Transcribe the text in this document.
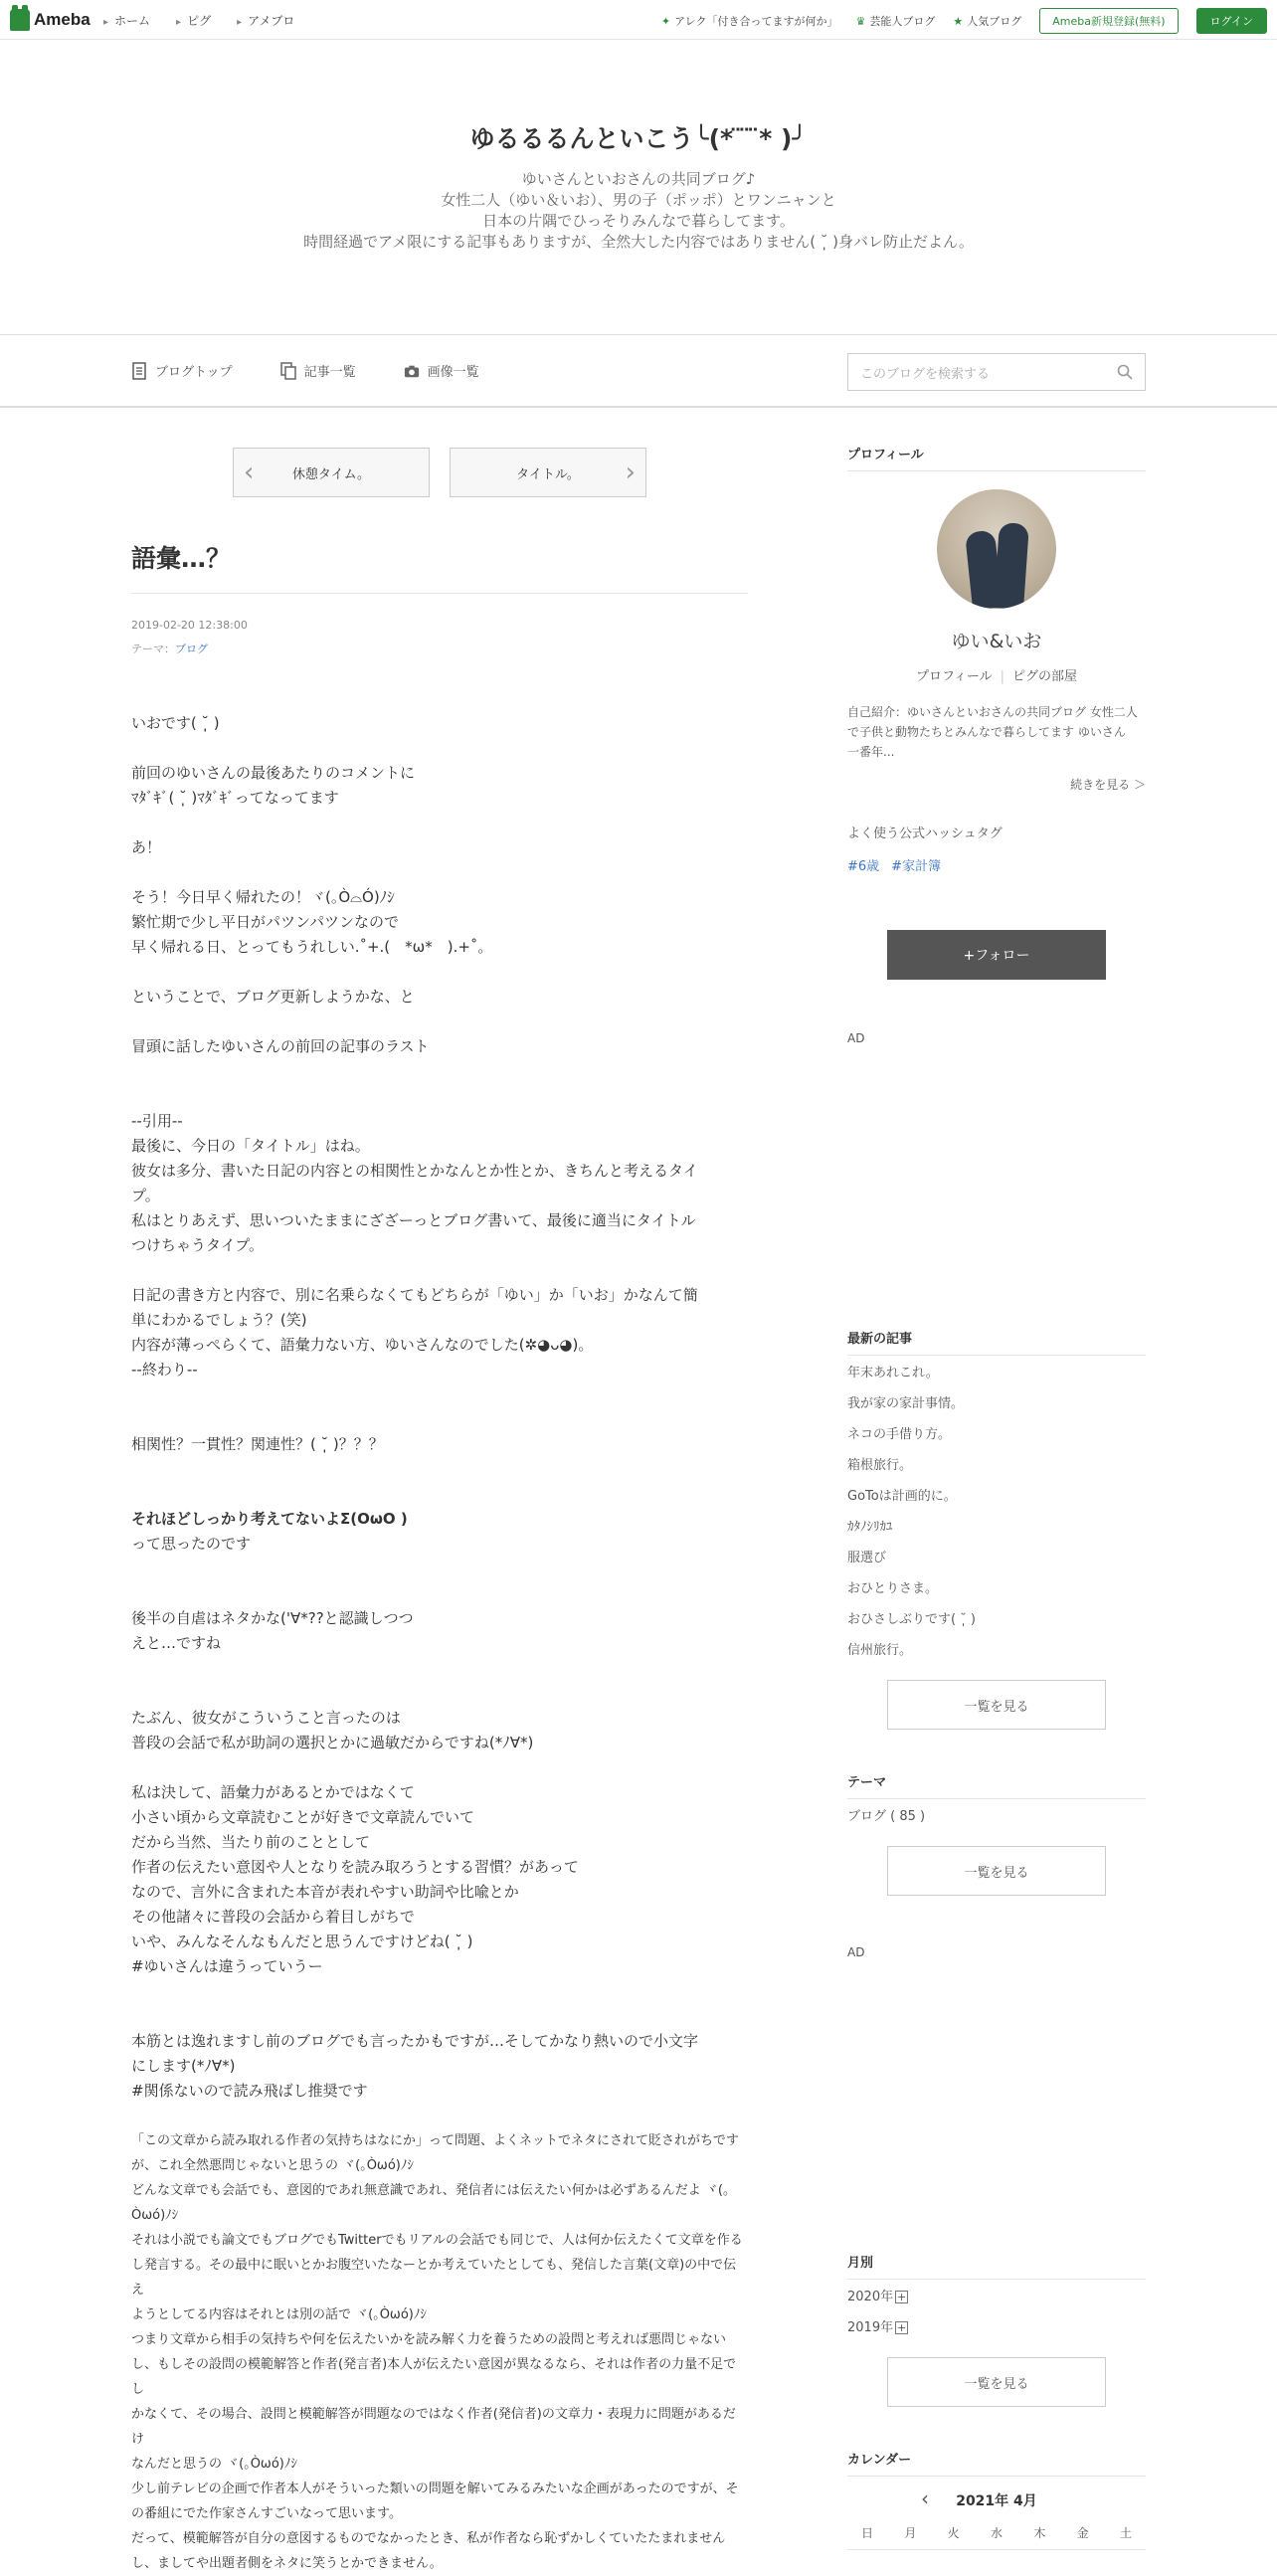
Ameba ▸ ホーム	▸ ピグ	▸ アメブロ	✦ アレク「付き合ってますが何か」 ♛ 芸能人ブログ ★ 人気ブログ	Ameba新規登録(無料)	ログイン
ゆるるるんといこう╰(* ̈ ̈ ̈* )╯
ゆいさんといおさんの共同ブログ♪
女性二人（ゆい＆いお）、男の子（ポッポ）とワンニャンと
日本の片隅でひっそりみんなで暮らしてます。
時間経過でアメ限にする記事もありますが、全然大した内容ではありません( ˘̩̩̩ )身バレ防止だよん。
ブログトップ	記事一覧	画像一覧	このブログを検索する
‹	休憩タイム。	タイトル。 ›
語彙…？
2019-02-20 12:38:00
テーマ：ブログ

いおです( ˘̩̩̩ )

前回のゆいさんの最後あたりのコメントに

ﾏﾀﾞｷﾞ( ˘̩̩̩ )ﾏﾀﾞｷﾞってなってます

あ！

そう！今日早く帰れたの！ヾ(｡Ò⌓Ó)ﾉｼ

繁忙期で少し平日がパツンパツンなので

早く帰れる日、とってもうれしい.˚+.(　*ω*　).+˚。

ということで、ブログ更新しようかな、と

冒頭に話したゆいさんの前回の記事のラスト

--引用--

最後に、今日の「タイトル」はね。

彼女は多分、書いた日記の内容との相関性とかなんとか性とか、きちんと考えるタイ

プ。

私はとりあえず、思いついたままにざざーっとブログ書いて、最後に適当にタイトル

つけちゃうタイプ。

日記の書き方と内容で、別に名乗らなくてもどちらが「ゆい」か「いお」かなんて簡

単にわかるでしょう？(笑)

内容が薄っぺらくて、語彙力ない方、ゆいさんなのでした(✲◕ᴗ◕)。

--終わり--

相関性？一貫性？関連性？( ˘̩̩̩ )？？？

それほどしっかり考えてないよΣ(OωO )

って思ったのです

後半の自虐はネタかな('∀*??と認識しつつ

えと…ですね

たぶん、彼女がこういうこと言ったのは

普段の会話で私が助詞の選択とかに過敏だからですね(*ﾉ∀*)

私は決して、語彙力があるとかではなくて

小さい頃から文章読むことが好きで文章読んでいて

だから当然、当たり前のこととして

作者の伝えたい意図や人となりを読み取ろうとする習慣？があって

なので、言外に含まれた本音が表れやすい助詞や比喩とか

その他諸々に普段の会話から着目しがちで

いや、みんなそんなもんだと思うんですけどね( ˘̩̩̩ )

#ゆいさんは違うっていうー

本筋とは逸れますし前のブログでも言ったかもですが…そしてかなり熱いので小文字

にします(*ﾉ∀*)

#関係ないので読み飛ばし推奨です

「この文章から読み取れる作者の気持ちはなにか」って問題、よくネットでネタにされて貶されがちです

が、これ全然悪問じゃないと思うの ヾ(｡Òωó)ﾉｼ

どんな文章でも会話でも、意図的であれ無意識であれ、発信者には伝えたい何かは必ずあるんだよ ヾ(｡

Òωó)ﾉｼ

それは小説でも論文でもブログでもTwitterでもリアルの会話でも同じで、人は何か伝えたくて文章を作る

し発言する。その最中に眠いとかお腹空いたなーとか考えていたとしても、発信した言葉(文章)の中で伝え

ようとしてる内容はそれとは別の話で ヾ(｡Òωó)ﾉｼ

つまり文章から相手の気持ちや何を伝えたいかを読み解く力を養うための設問と考えれば悪問じゃない

し、もしその設問の模範解答と作者(発言者)本人が伝えたい意図が異なるなら、それは作者の力量不足でし

かなくて、その場合、設問と模範解答が問題なのではなく作者(発信者)の文章力・表現力に問題があるだけ

なんだと思うの ヾ(｡Òωó)ﾉｼ

少し前テレビの企画で作者本人がそういった類いの問題を解いてみるみたいな企画があったのですが、そ

の番組にでた作家さんすごいなって思います。

だって、模範解答が自分の意図するものでなかったとき、私が作者なら恥ずかしくていたたまれません

し、ましてや出題者側をネタに笑うとかできません。

プロフィール
ゆい&いお
プロフィール | ピグの部屋
自己紹介：ゆいさんといおさんの共同ブログ 女性二人で子供と動物たちとみんなで暮らしてます ゆいさん　一番年...
続きを見る ＞
よく使う公式ハッシュタグ
#6歳 #家計簿
+フォロー
AD
最新の記事
年末あれこれ。
我が家の家計事情。
ネコの手借り方。
箱根旅行。
GoToは計画的に。
ｶﾀﾉｼﾘｶﾕ
服選び
おひとりさま。
おひさしぶりです( ˘̩̩̩ )
信州旅行。
一覧を見る
テーマ
ブログ ( 85 )
一覧を見る
AD
月別
2020年 +
2019年 +
一覧を見る
カレンダー
‹ 2021年 4月
日	月	火	水	木	金	土
